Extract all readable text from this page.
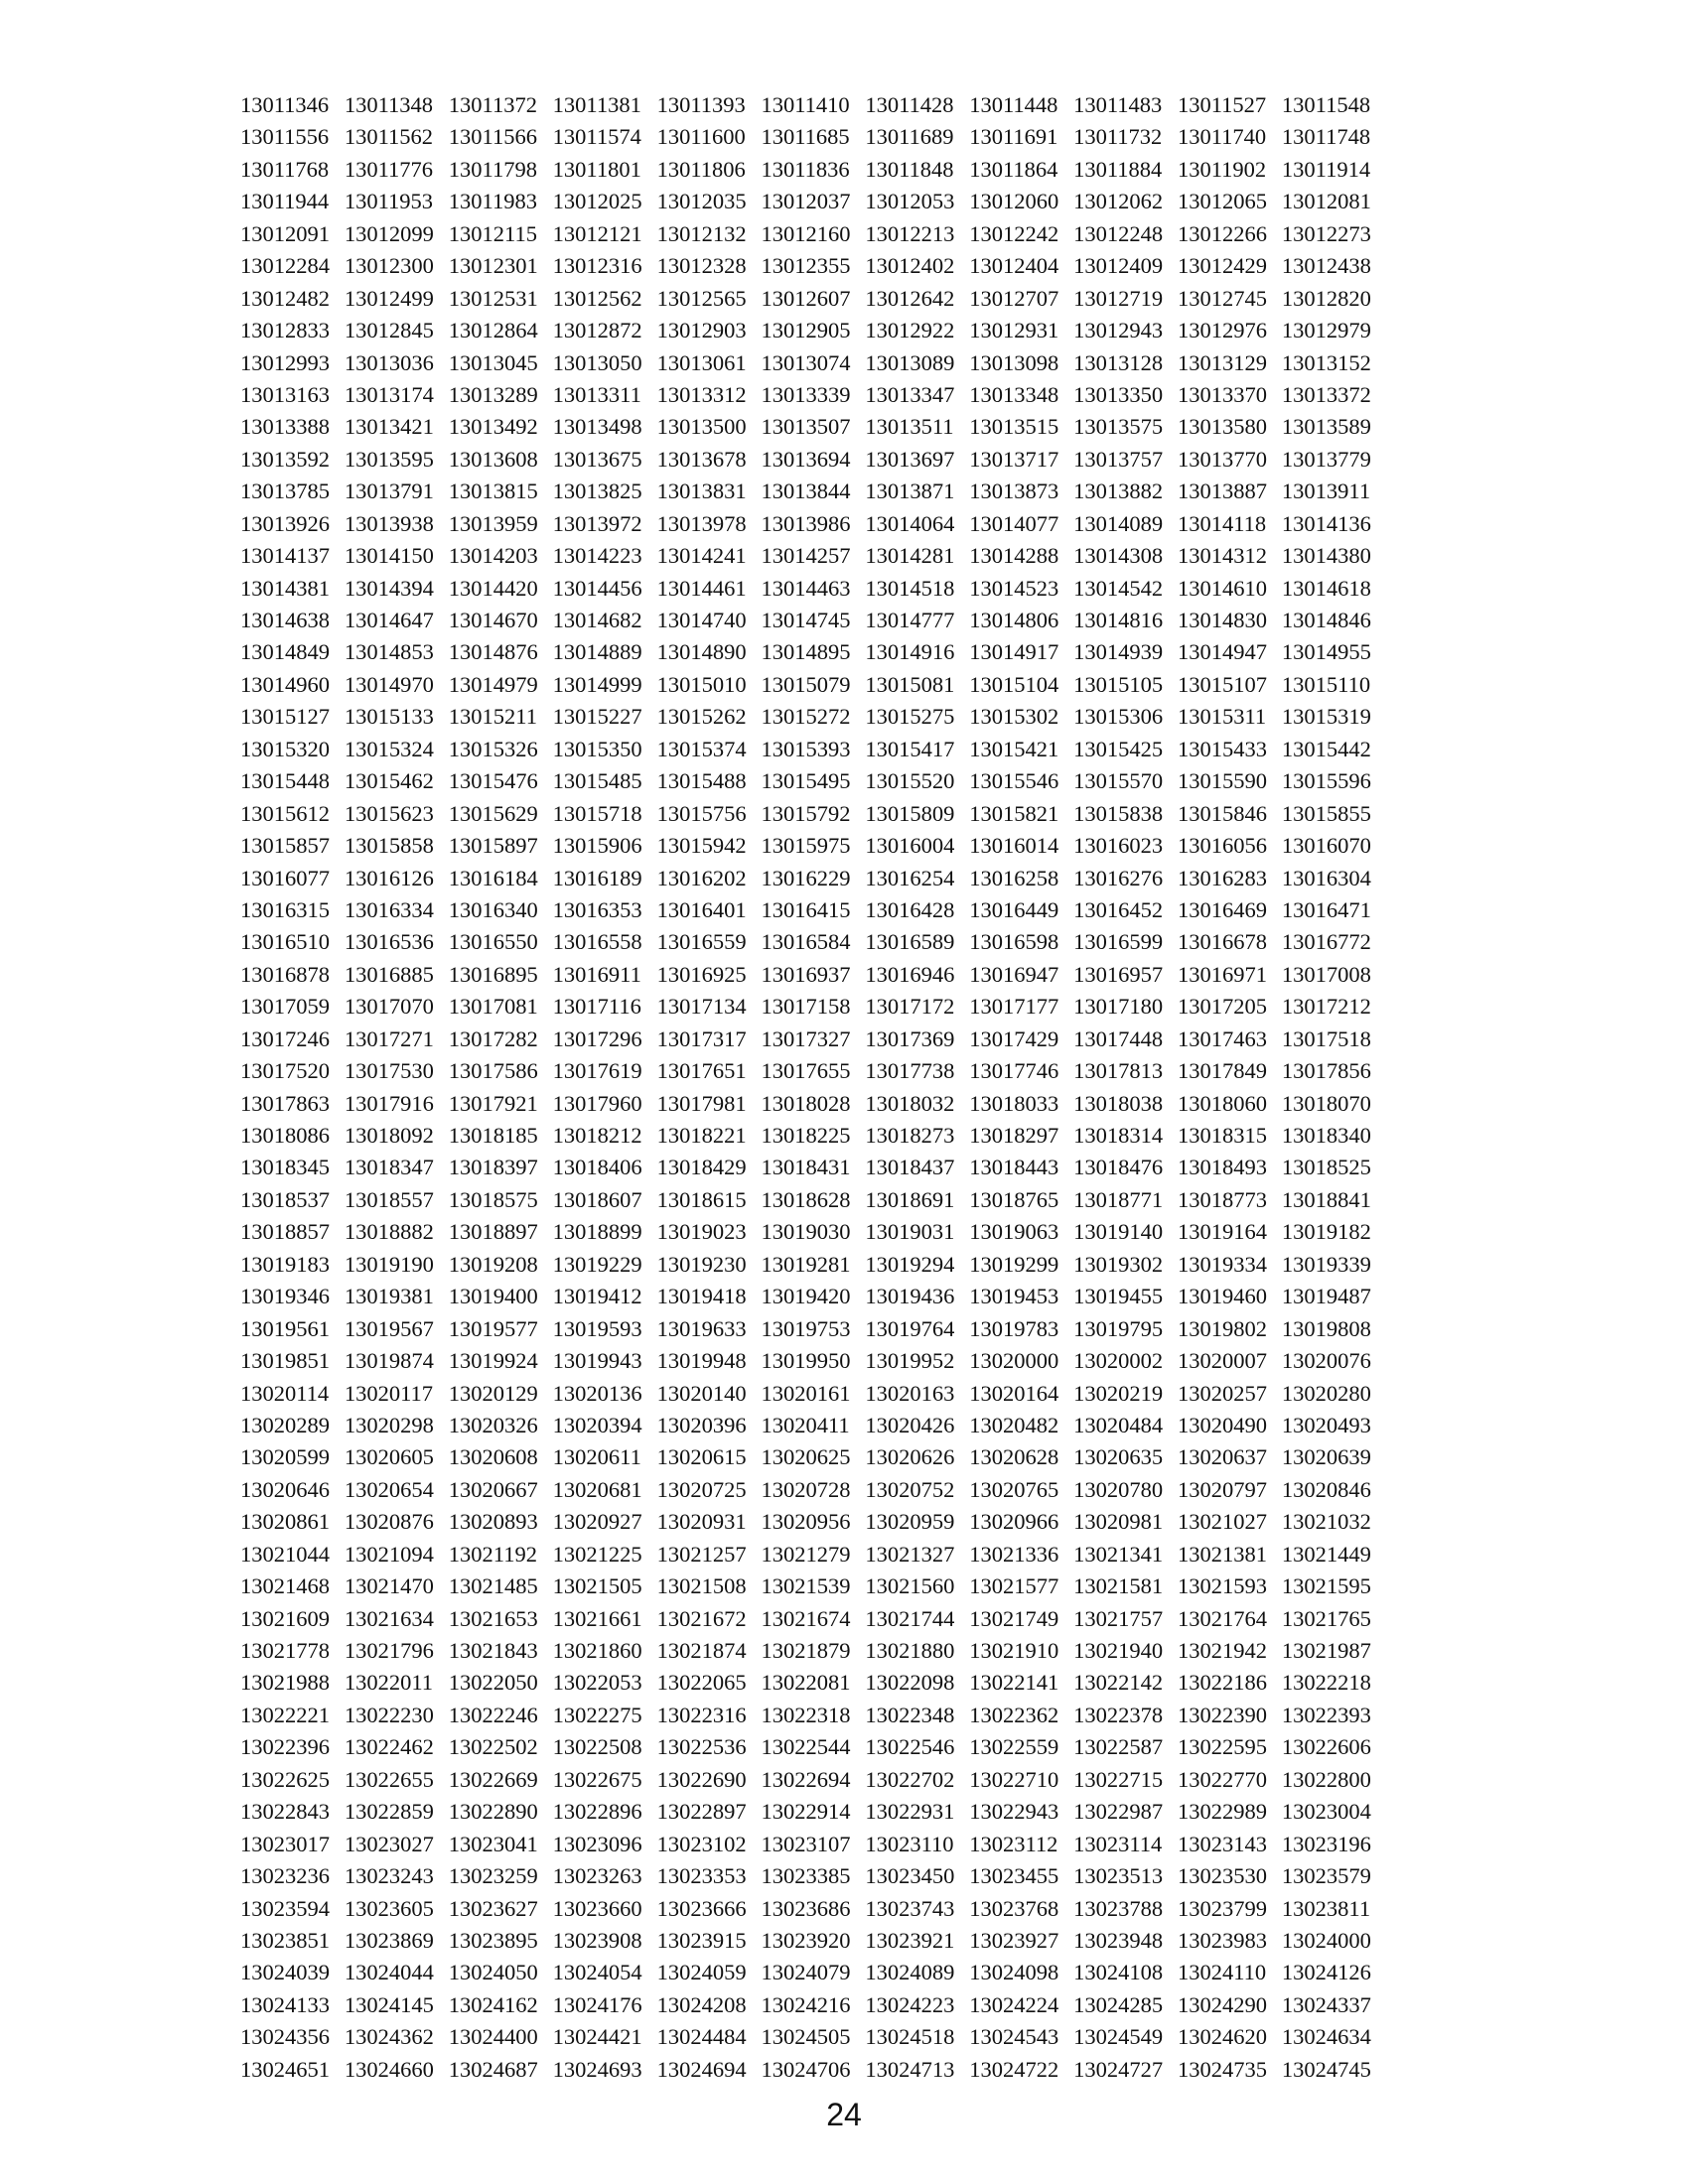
13011346 13011348 13011372 13011381 13011393 13011410 13011428 13011448 13011483 13011527 13011548
13011556 13011562 13011566 13011574 13011600 13011685 13011689 13011691 13011732 13011740 13011748
13011768 13011776 13011798 13011801 13011806 13011836 13011848 13011864 13011884 13011902 13011914
13011944 13011953 13011983 13012025 13012035 13012037 13012053 13012060 13012062 13012065 13012081
13012091 13012099 13012115 13012121 13012132 13012160 13012213 13012242 13012248 13012266 13012273
13012284 13012300 13012301 13012316 13012328 13012355 13012402 13012404 13012409 13012429 13012438
13012482 13012499 13012531 13012562 13012565 13012607 13012642 13012707 13012719 13012745 13012820
13012833 13012845 13012864 13012872 13012903 13012905 13012922 13012931 13012943 13012976 13012979
13012993 13013036 13013045 13013050 13013061 13013074 13013089 13013098 13013128 13013129 13013152
13013163 13013174 13013289 13013311 13013312 13013339 13013347 13013348 13013350 13013370 13013372
13013388 13013421 13013492 13013498 13013500 13013507 13013511 13013515 13013575 13013580 13013589
13013592 13013595 13013608 13013675 13013678 13013694 13013697 13013717 13013757 13013770 13013779
13013785 13013791 13013815 13013825 13013831 13013844 13013871 13013873 13013882 13013887 13013911
13013926 13013938 13013959 13013972 13013978 13013986 13014064 13014077 13014089 13014118 13014136
13014137 13014150 13014203 13014223 13014241 13014257 13014281 13014288 13014308 13014312 13014380
13014381 13014394 13014420 13014456 13014461 13014463 13014518 13014523 13014542 13014610 13014618
13014638 13014647 13014670 13014682 13014740 13014745 13014777 13014806 13014816 13014830 13014846
13014849 13014853 13014876 13014889 13014890 13014895 13014916 13014917 13014939 13014947 13014955
13014960 13014970 13014979 13014999 13015010 13015079 13015081 13015104 13015105 13015107 13015110
13015127 13015133 13015211 13015227 13015262 13015272 13015275 13015302 13015306 13015311 13015319
13015320 13015324 13015326 13015350 13015374 13015393 13015417 13015421 13015425 13015433 13015442
13015448 13015462 13015476 13015485 13015488 13015495 13015520 13015546 13015570 13015590 13015596
13015612 13015623 13015629 13015718 13015756 13015792 13015809 13015821 13015838 13015846 13015855
13015857 13015858 13015897 13015906 13015942 13015975 13016004 13016014 13016023 13016056 13016070
13016077 13016126 13016184 13016189 13016202 13016229 13016254 13016258 13016276 13016283 13016304
13016315 13016334 13016340 13016353 13016401 13016415 13016428 13016449 13016452 13016469 13016471
13016510 13016536 13016550 13016558 13016559 13016584 13016589 13016598 13016599 13016678 13016772
13016878 13016885 13016895 13016911 13016925 13016937 13016946 13016947 13016957 13016971 13017008
13017059 13017070 13017081 13017116 13017134 13017158 13017172 13017177 13017180 13017205 13017212
13017246 13017271 13017282 13017296 13017317 13017327 13017369 13017429 13017448 13017463 13017518
13017520 13017530 13017586 13017619 13017651 13017655 13017738 13017746 13017813 13017849 13017856
13017863 13017916 13017921 13017960 13017981 13018028 13018032 13018033 13018038 13018060 13018070
13018086 13018092 13018185 13018212 13018221 13018225 13018273 13018297 13018314 13018315 13018340
13018345 13018347 13018397 13018406 13018429 13018431 13018437 13018443 13018476 13018493 13018525
13018537 13018557 13018575 13018607 13018615 13018628 13018691 13018765 13018771 13018773 13018841
13018857 13018882 13018897 13018899 13019023 13019030 13019031 13019063 13019140 13019164 13019182
13019183 13019190 13019208 13019229 13019230 13019281 13019294 13019299 13019302 13019334 13019339
13019346 13019381 13019400 13019412 13019418 13019420 13019436 13019453 13019455 13019460 13019487
13019561 13019567 13019577 13019593 13019633 13019753 13019764 13019783 13019795 13019802 13019808
13019851 13019874 13019924 13019943 13019948 13019950 13019952 13020000 13020002 13020007 13020076
13020114 13020117 13020129 13020136 13020140 13020161 13020163 13020164 13020219 13020257 13020280
13020289 13020298 13020326 13020394 13020396 13020411 13020426 13020482 13020484 13020490 13020493
13020599 13020605 13020608 13020611 13020615 13020625 13020626 13020628 13020635 13020637 13020639
13020646 13020654 13020667 13020681 13020725 13020728 13020752 13020765 13020780 13020797 13020846
13020861 13020876 13020893 13020927 13020931 13020956 13020959 13020966 13020981 13021027 13021032
13021044 13021094 13021192 13021225 13021257 13021279 13021327 13021336 13021341 13021381 13021449
13021468 13021470 13021485 13021505 13021508 13021539 13021560 13021577 13021581 13021593 13021595
13021609 13021634 13021653 13021661 13021672 13021674 13021744 13021749 13021757 13021764 13021765
13021778 13021796 13021843 13021860 13021874 13021879 13021880 13021910 13021940 13021942 13021987
13021988 13022011 13022050 13022053 13022065 13022081 13022098 13022141 13022142 13022186 13022218
13022221 13022230 13022246 13022275 13022316 13022318 13022348 13022362 13022378 13022390 13022393
13022396 13022462 13022502 13022508 13022536 13022544 13022546 13022559 13022587 13022595 13022606
13022625 13022655 13022669 13022675 13022690 13022694 13022702 13022710 13022715 13022770 13022800
13022843 13022859 13022890 13022896 13022897 13022914 13022931 13022943 13022987 13022989 13023004
13023017 13023027 13023041 13023096 13023102 13023107 13023110 13023112 13023114 13023143 13023196
13023236 13023243 13023259 13023263 13023353 13023385 13023450 13023455 13023513 13023530 13023579
13023594 13023605 13023627 13023660 13023666 13023686 13023743 13023768 13023788 13023799 13023811
13023851 13023869 13023895 13023908 13023915 13023920 13023921 13023927 13023948 13023983 13024000
13024039 13024044 13024050 13024054 13024059 13024079 13024089 13024098 13024108 13024110 13024126
13024133 13024145 13024162 13024176 13024208 13024216 13024223 13024224 13024285 13024290 13024337
13024356 13024362 13024400 13024421 13024484 13024505 13024518 13024543 13024549 13024620 13024634
13024651 13024660 13024687 13024693 13024694 13024706 13024713 13024722 13024727 13024735 13024745
24
